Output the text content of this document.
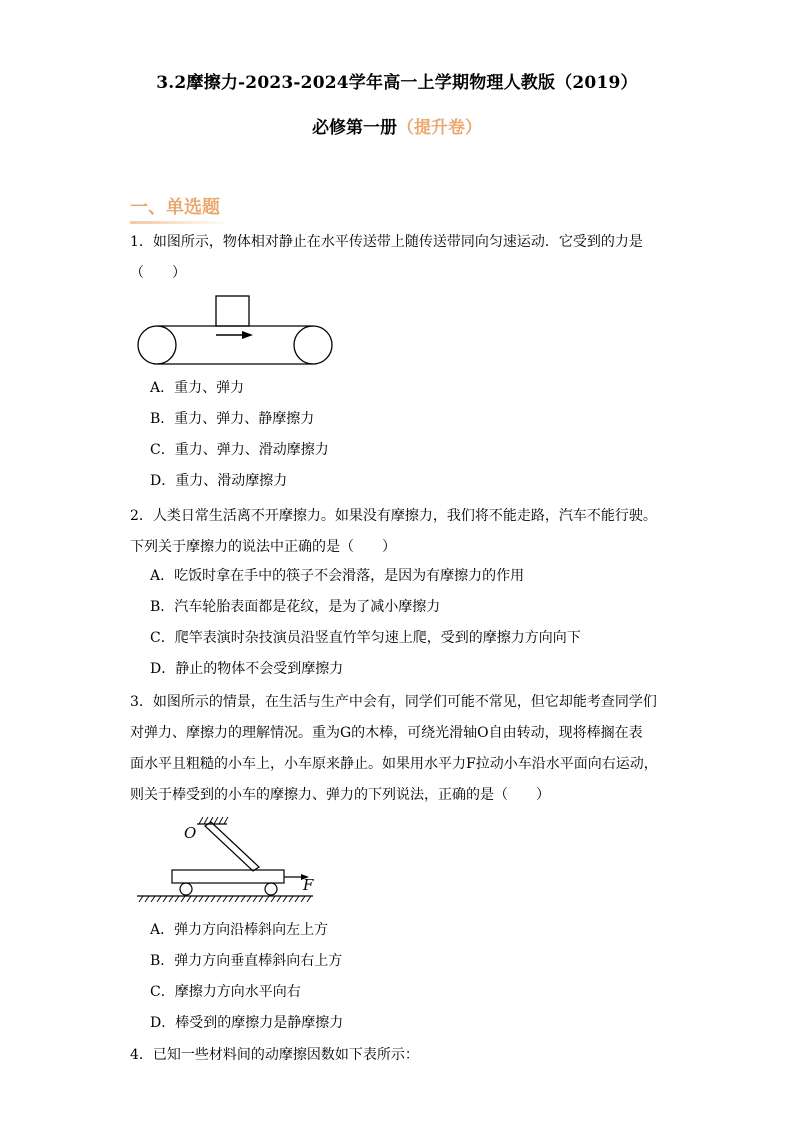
3.2摩擦力-2023-2024学年高一上学期物理人教版（2019）
必修第一册（提升卷）
一、单选题
1．如图所示，物体相对静止在水平传送带上随传送带同向匀速运动．它受到的力是
（　　）
A．重力、弹力
B．重力、弹力、静摩擦力
C．重力、弹力、滑动摩擦力
D．重力、滑动摩擦力
2．人类日常生活离不开摩擦力。如果没有摩擦力，我们将不能走路，汽车不能行驶。
下列关于摩擦力的说法中正确的是（　　）
A．吃饭时拿在手中的筷子不会滑落，是因为有摩擦力的作用
B．汽车轮胎表面都是花纹，是为了减小摩擦力
C．爬竿表演时杂技演员沿竖直竹竿匀速上爬，受到的摩擦力方向向下
D．静止的物体不会受到摩擦力
3．如图所示的情景，在生活与生产中会有，同学们可能不常见，但它却能考查同学们
对弹力、摩擦力的理解情况。重为G的木棒，可绕光滑轴O自由转动，现将棒搁在表
面水平且粗糙的小车上，小车原来静止。如果用水平力F拉动小车沿水平面向右运动，
则关于棒受到的小车的摩擦力、弹力的下列说法，正确的是（　　）
O
F
A．弹力方向沿棒斜向左上方
B．弹力方向垂直棒斜向右上方
C．摩擦力方向水平向右
D．棒受到的摩擦力是静摩擦力
4．已知一些材料间的动摩擦因数如下表所示：
